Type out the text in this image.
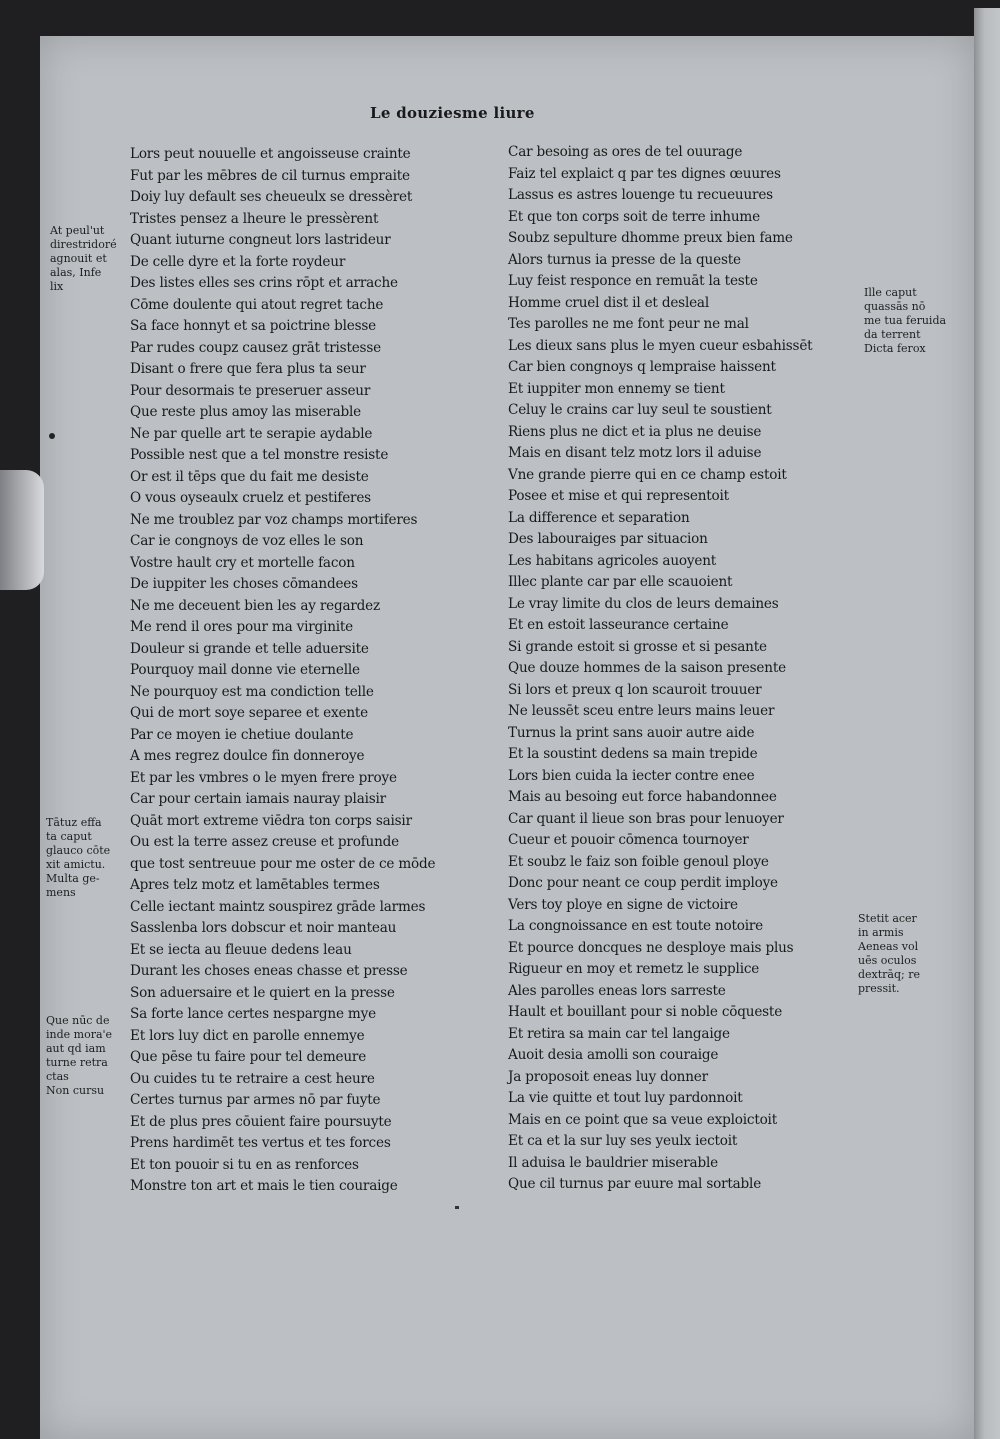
Le douziesme liure
Lors peut nouuelle et angoisseuse crainte
Fut par les mēbres de cil turnus empraite
Doiy luy default ses cheueulx se dressèret
Tristes pensez a lheure le pressèrent
Quant iuturne congneut lors lastrideur
De celle dyre et la forte roydeur
Des listes elles ses crins rōpt et arrache
Cōme doulente qui atout regret tache
Sa face honnyt et sa poictrine blesse
Par rudes coupz causez grāt tristesse
Disant o frere que fera plus ta seur
Pour desormais te preseruer asseur
Que reste plus amoy las miserable
Ne par quelle art te serapie aydable
Possible nest que a tel monstre resiste
Or est il tēps que du fait me desiste
O vous oyseaulx cruelz et pestiferes
Ne me troublez par voz champs mortiferes
Car ie congnoys de voz elles le son
Vostre hault cry et mortelle facon
De iuppiter les choses cōmandees
Ne me deceuent bien les ay regardez
Me rend il ores pour ma virginite
Douleur si grande et telle aduersite
Pourquoy mail donne vie eternelle
Ne pourquoy est ma condiction telle
Qui de mort soye separee et exente
Par ce moyen ie chetiue doulante
A mes regrez doulce fin donneroye
Et par les vmbres o le myen frere proye
Car pour certain iamais nauray plaisir
Quāt mort extreme viēdra ton corps saisir
Ou est la terre assez creuse et profunde
que tost sentreuue pour me oster de ce mōde
Apres telz motz et lamētables termes
Celle iectant maintz souspirez grāde larmes
Sasslenba lors dobscur et noir manteau
Et se iecta au fleuue dedens leau
Durant les choses eneas chasse et presse
Son aduersaire et le quiert en la presse
Sa forte lance certes nespargne mye
Et lors luy dict en parolle ennemye
Que pēse tu faire pour tel demeure
Ou cuides tu te retraire a cest heure
Certes turnus par armes nō par fuyte
Et de plus pres cōuient faire poursuyte
Prens hardimēt tes vertus et tes forces
Et ton pouoir si tu en as renforces
Monstre ton art et mais le tien couraige
Car besoing as ores de tel ouurage
Faiz tel explaict q par tes dignes œuures
Lassus es astres louenge tu recueuures
Et que ton corps soit de terre inhume
Soubz sepulture dhomme preux bien fame
Alors turnus ia presse de la queste
Luy feist responce en remuāt la teste
Homme cruel dist il et desleal
Tes parolles ne me font peur ne mal
Les dieux sans plus le myen cueur esbahissēt
Car bien congnoys q lempraise haissent
Et iuppiter mon ennemy se tient
Celuy le crains car luy seul te soustient
Riens plus ne dict et ia plus ne deuise
Mais en disant telz motz lors il aduise
Vne grande pierre qui en ce champ estoit
Posee et mise et qui representoit
La difference et separation
Des labouraiges par situacion
Les habitans agricoles auoyent
Illec plante car par elle scauoient
Le vray limite du clos de leurs demaines
Et en estoit lasseurance certaine
Si grande estoit si grosse et si pesante
Que douze hommes de la saison presente
Si lors et preux q lon scauroit trouuer
Ne leussēt sceu entre leurs mains leuer
Turnus la print sans auoir autre aide
Et la soustint dedens sa main trepide
Lors bien cuida la iecter contre enee
Mais au besoing eut force habandonnee
Car quant il lieue son bras pour lenuoyer
Cueur et pouoir cōmenca tournoyer
Et soubz le faiz son foible genoul ploye
Donc pour neant ce coup perdit imploye
Vers toy ploye en signe de victoire
La congnoissance en est toute notoire
Et pource doncques ne desploye mais plus
Rigueur en moy et remetz le supplice
Ales parolles eneas lors sarreste
Hault et bouillant pour si noble cōqueste
Et retira sa main car tel langaige
Auoit desia amolli son couraige
Ja proposoit eneas luy donner
La vie quitte et tout luy pardonnoit
Mais en ce point que sa veue exploictoit
Et ca et la sur luy ses yeulx iectoit
Il aduisa le bauldrier miserable
Que cil turnus par euure mal sortable
At peul'ut
direstridoré
agnouit et
alas, Infe
lix
Tātuz effa
ta caput
glauco cōte
xit amictu.
Multa ge-
mens
Que nūc de
inde mora'e
aut qd iam
turne retra
ctas
Non cursu
Ille caput
quassās nō
me tua feruida
da terrent
Dicta ferox
Stetit acer
in armis
Aeneas vol
uēs oculos
dextrāq; re
pressit.
